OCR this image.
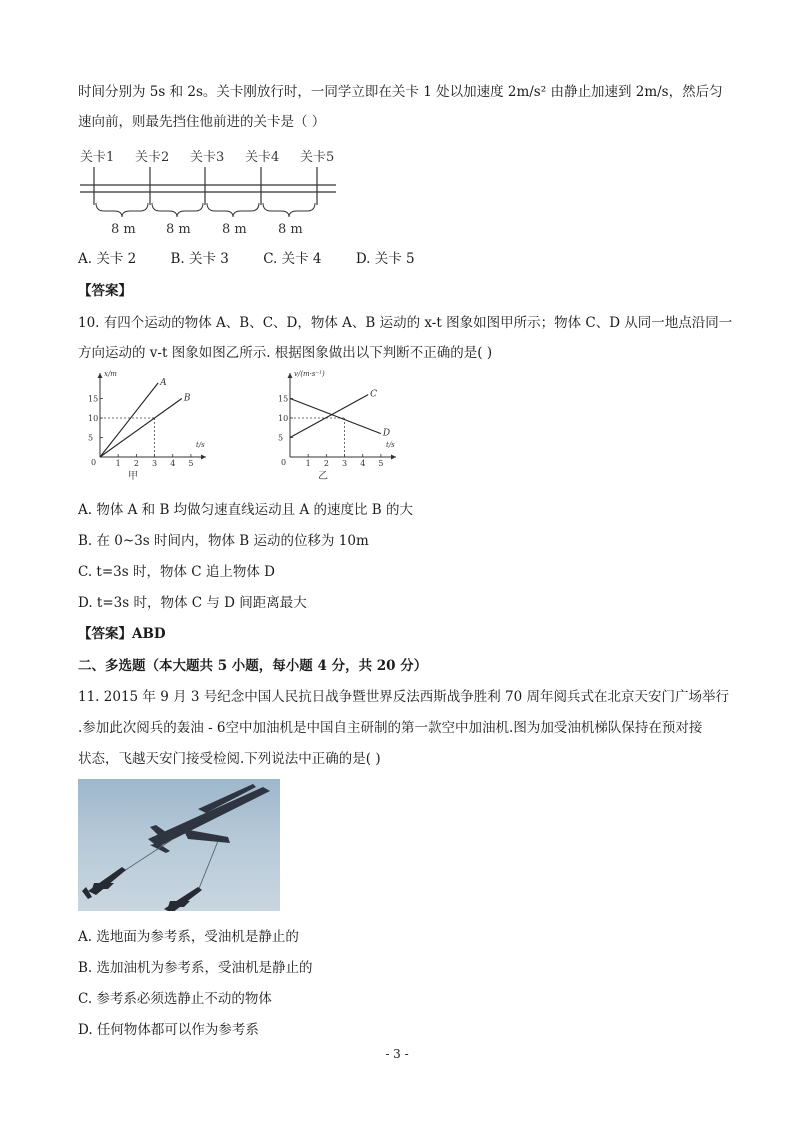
时间分别为 5s 和 2s。关卡刚放行时，一同学立即在关卡 1 处以加速度 2m/s² 由静止加速到 2m/s，然后匀
速向前，则最先挡住他前进的关卡是（ ）
关卡1 关卡2 关卡3 关卡4 关卡5
8 m 8 m 8 m 8 m
A. 关卡 2	B. 关卡 3	C. 关卡 4	D. 关卡 5
【答案】
10. 有四个运动的物体 A、B、C、D，物体 A、B 运动的 x-t 图象如图甲所示；物体 C、D 从同一地点沿同一
方向运动的 v-t 图象如图乙所示. 根据图象做出以下判断不正确的是( )
x/m
t/s
0 1 2 3 4 5
5
10
15
A
B
甲
v/(m·s⁻¹)
t/s
0 1 2 3 4 5
5
10
15	C
D
乙
A. 物体 A 和 B 均做匀速直线运动且 A 的速度比 B 的大
B. 在 0~3s 时间内，物体 B 运动的位移为 10m
C. t=3s 时，物体 C 追上物体 D
D. t=3s 时，物体 C 与 D 间距离最大
【答案】ABD
二、多选题（本大题共 5 小题，每小题 4 分，共 20 分）
11. 2015 年 9 月 3 号纪念中国人民抗日战争暨世界反法西斯战争胜利 70 周年阅兵式在北京天安门广场举行
.参加此次阅兵的轰油 - 6空中加油机是中国自主研制的第一款空中加油机.图为加受油机梯队保持在预对接
状态，飞越天安门接受检阅.下列说法中正确的是( )
A. 选地面为参考系，受油机是静止的
B. 选加油机为参考系，受油机是静止的
C. 参考系必须选静止不动的物体
D. 任何物体都可以作为参考系
- 3 -
